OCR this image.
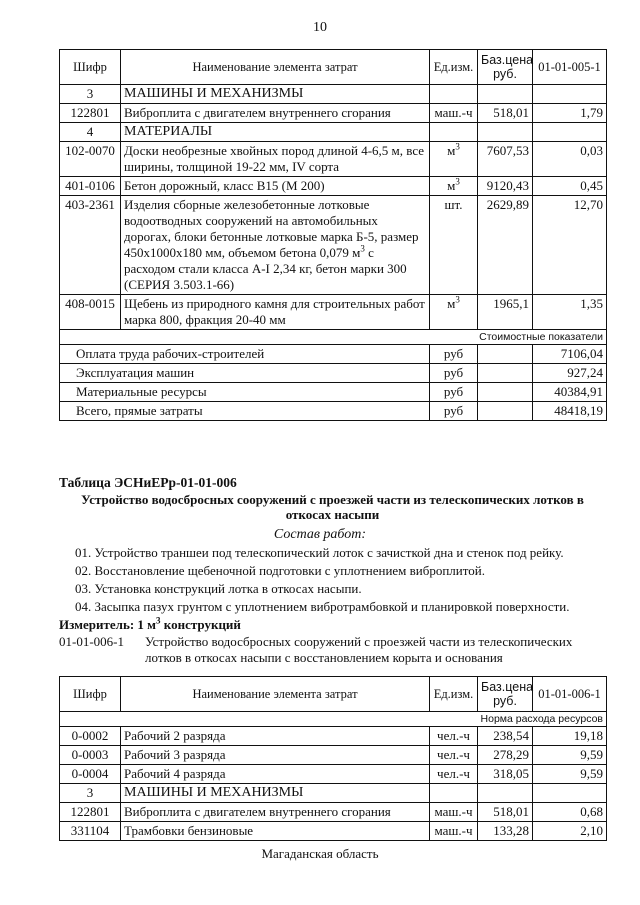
10
Шифр	Наименование элемента затрат	Ед.изм.	Баз.цена руб.	01-01-005-1
3	МАШИНЫ И МЕХАНИЗМЫ			
122801	Виброплита с двигателем внутреннего сгорания	маш.-ч	518,01	1,79
4	МАТЕРИАЛЫ			
102-0070	Доски необрезные хвойных пород длиной 4-6,5 м, все ширины, толщиной 19-22 мм, IV сорта	$м^3$	7607,53	0,03
401-0106	Бетон дорожный, класс B15 (М 200)	$м^3$	9120,43	0,45
403-2361	Изделия сборные железобетонные лотковые водоотводных сооружений на автомобильных дорогах, блоки бетонные лотковые марка Б-5, размер 450x1000x180 мм, объемом бетона 0,079 $м^3$ с расходом стали класса А-I 2,34 кг, бетон марки 300 (СЕРИЯ 3.503.1-66)	шт.	2629,89	12,70
408-0015	Щебень из природного камня для строительных работ марка 800, фракция 20-40 мм	$м^3$	1965,1	1,35
Стоимостные показатели				
Оплата труда рабочих-строителей		руб		7106,04
Эксплуатация машин		руб		927,24
Материальные ресурсы		руб		40384,91
Всего, прямые затраты		руб		48418,19
Таблица ЭСНиЕРр-01-01-006
Устройство водосбросных сооружений с проезжей части из телескопических лотков в откосах насыпи
Состав работ:
01. Устройство траншеи под телескопический лоток с зачисткой дна и стенок под рейку.
02. Восстановление щебеночной подготовки с уплотнением виброплитой.
03. Установка конструкций лотка в откосах насыпи.
04. Засыпка пазух грунтом с уплотнением вибротрамбовкой и планировкой поверхности.
Измеритель: 1 $м^3$ конструкций
01-01-006-1 Устройство водосбросных сооружений с проезжей части из телескопических лотков в откосах насыпи с восстановлением корыта и основания
Шифр	Наименование элемента затрат	Ед.изм.	Баз.цена руб.	01-01-006-1
Норма расхода ресурсов				
0-0002	Рабочий 2 разряда	чел.-ч	238,54	19,18
0-0003	Рабочий 3 разряда	чел.-ч	278,29	9,59
0-0004	Рабочий 4 разряда	чел.-ч	318,05	9,59
3	МАШИНЫ И МЕХАНИЗМЫ			
122801	Виброплита с двигателем внутреннего сгорания	маш.-ч	518,01	0,68
331104	Трамбовки бензиновые	маш.-ч	133,28	2,10
Магаданская область
